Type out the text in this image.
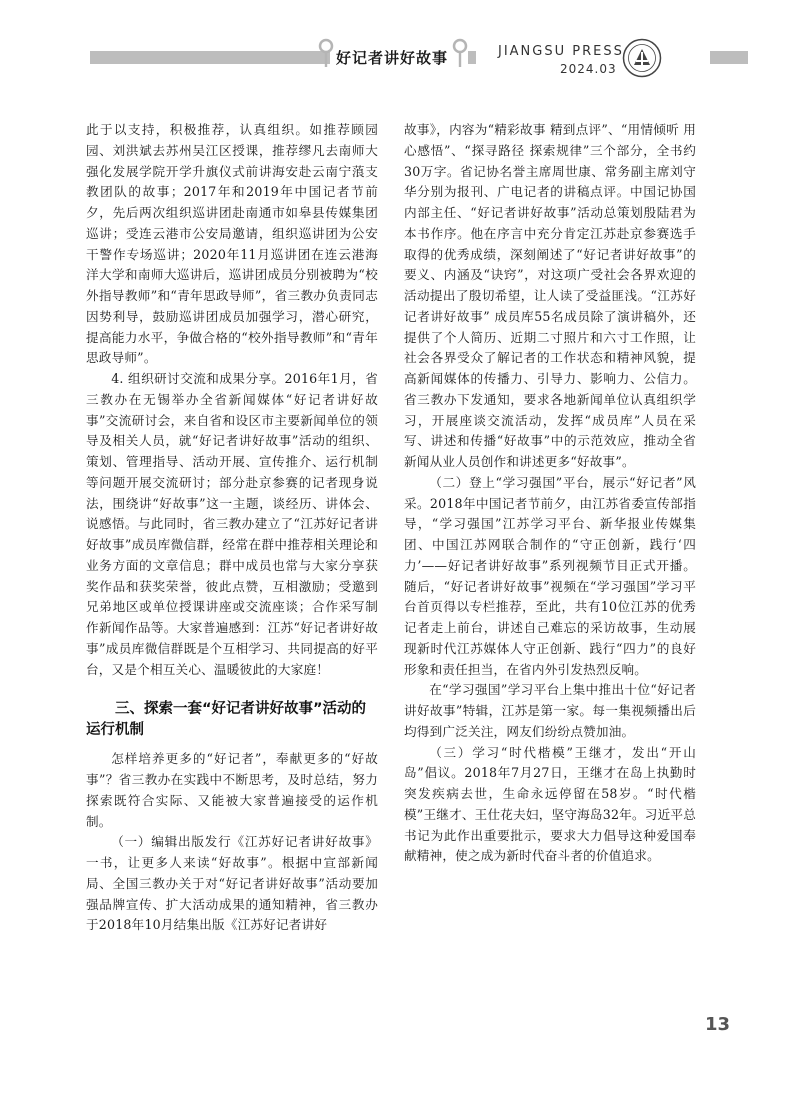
好记者讲好故事	JIANGSU PRESS
2024.03

此于以支持，积极推荐，认真组织。如推荐顾园园、刘洪斌去苏州吴江区授课，推荐缪凡去南师大强化发展学院开学升旗仪式前讲海安赴云南宁蒗支教团队的故事；2017年和2019年中国记者节前夕，先后两次组织巡讲团赴南通市如皋县传媒集团巡讲；受连云港市公安局邀请，组织巡讲团为公安干警作专场巡讲；2020年11月巡讲团在连云港海洋大学和南师大巡讲后，巡讲团成员分别被聘为“校外指导教师”和“青年思政导师”，省三教办负责同志因势利导，鼓励巡讲团成员加强学习，潜心研究，提高能力水平，争做合格的“校外指导教师”和“青年思政导师”。

4. 组织研讨交流和成果分享。2016年1月，省三教办在无锡举办全省新闻媒体“好记者讲好故事”交流研讨会，来自省和设区市主要新闻单位的领导及相关人员，就“好记者讲好故事”活动的组织、策划、管理指导、活动开展、宣传推介、运行机制等问题开展交流研讨；部分赴京参赛的记者现身说法，围绕讲“好故事”这一主题，谈经历、讲体会、说感悟。与此同时，省三教办建立了“江苏好记者讲好故事”成员库微信群，经常在群中推荐相关理论和业务方面的文章信息；群中成员也常与大家分享获奖作品和获奖荣誉，彼此点赞，互相激励；受邀到兄弟地区或单位授课讲座或交流座谈；合作采写制作新闻作品等。大家普遍感到：江苏“好记者讲好故事”成员库微信群既是个互相学习、共同提高的好平台，又是个相互关心、温暖彼此的大家庭！

三、探索一套“好记者讲好故事”活动的运行机制

怎样培养更多的“好记者”，奉献更多的“好故事”？省三教办在实践中不断思考，及时总结，努力探索既符合实际、又能被大家普遍接受的运作机制。

（一）编辑出版发行《江苏好记者讲好故事》一书，让更多人来读“好故事”。根据中宣部新闻局、全国三教办关于对“好记者讲好故事”活动要加强品牌宣传、扩大活动成果的通知精神，省三教办于2018年10月结集出版《江苏好记者讲好

故事》，内容为“精彩故事 精到点评”、“用情倾听 用心感悟”、“探寻路径 探索规律”三个部分，全书约30万字。省记协名誉主席周世康、常务副主席刘守华分别为报刊、广电记者的讲稿点评。中国记协国内部主任、“好记者讲好故事”活动总策划殷陆君为本书作序。他在序言中充分肯定江苏赴京参赛选手取得的优秀成绩，深刻阐述了“好记者讲好故事”的要义、内涵及“诀窍”，对这项广受社会各界欢迎的活动提出了殷切希望，让人读了受益匪浅。“江苏好记者讲好故事” 成员库55名成员除了演讲稿外，还提供了个人简历、近期二寸照片和六寸工作照，让社会各界受众了解记者的工作状态和精神风貌，提高新闻媒体的传播力、引导力、影响力、公信力。省三教办下发通知，要求各地新闻单位认真组织学习，开展座谈交流活动，发挥“成员库”人员在采写、讲述和传播“好故事”中的示范效应，推动全省新闻从业人员创作和讲述更多“好故事”。

（二）登上“学习强国”平台，展示“好记者”风采。2018年中国记者节前夕，由江苏省委宣传部指导，“学习强国”江苏学习平台、新华报业传媒集团、中国江苏网联合制作的“守正创新，践行‘四力’——好记者讲好故事”系列视频节目正式开播。随后，“好记者讲好故事”视频在“学习强国”学习平台首页得以专栏推荐，至此，共有10位江苏的优秀记者走上前台，讲述自己难忘的采访故事，生动展现新时代江苏媒体人守正创新、践行“四力”的良好形象和责任担当，在省内外引发热烈反响。

在“学习强国”学习平台上集中推出十位“好记者讲好故事”特辑，江苏是第一家。每一集视频播出后均得到广泛关注，网友们纷纷点赞加油。

（三）学习“时代楷模”王继才，发出“开山岛”倡议。2018年7月27日，王继才在岛上执勤时突发疾病去世，生命永远停留在58岁。“时代楷模”王继才、王仕花夫妇，坚守海岛32年。习近平总书记为此作出重要批示，要求大力倡导这种爱国奉献精神，使之成为新时代奋斗者的价值追求。

13
